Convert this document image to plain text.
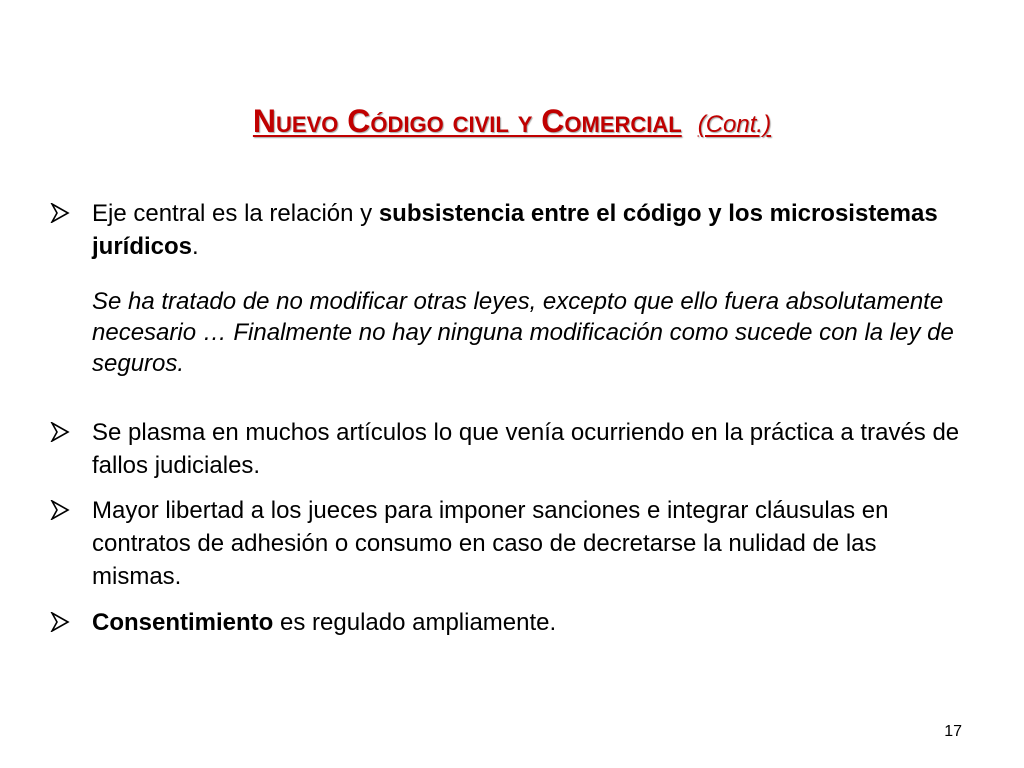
Nuevo Código civil y Comercial (Cont.)
Eje central es la relación y subsistencia entre el código y los microsistemas jurídicos.
Se ha tratado de no modificar otras leyes, excepto que ello fuera absolutamente necesario … Finalmente no hay ninguna modificación como sucede con la ley de seguros.
Se plasma en muchos artículos lo que venía ocurriendo en la práctica a través de fallos judiciales.
Mayor libertad a los jueces para imponer sanciones e integrar cláusulas en contratos de adhesión o consumo en caso de decretarse la nulidad de las mismas.
Consentimiento es regulado ampliamente.
17
